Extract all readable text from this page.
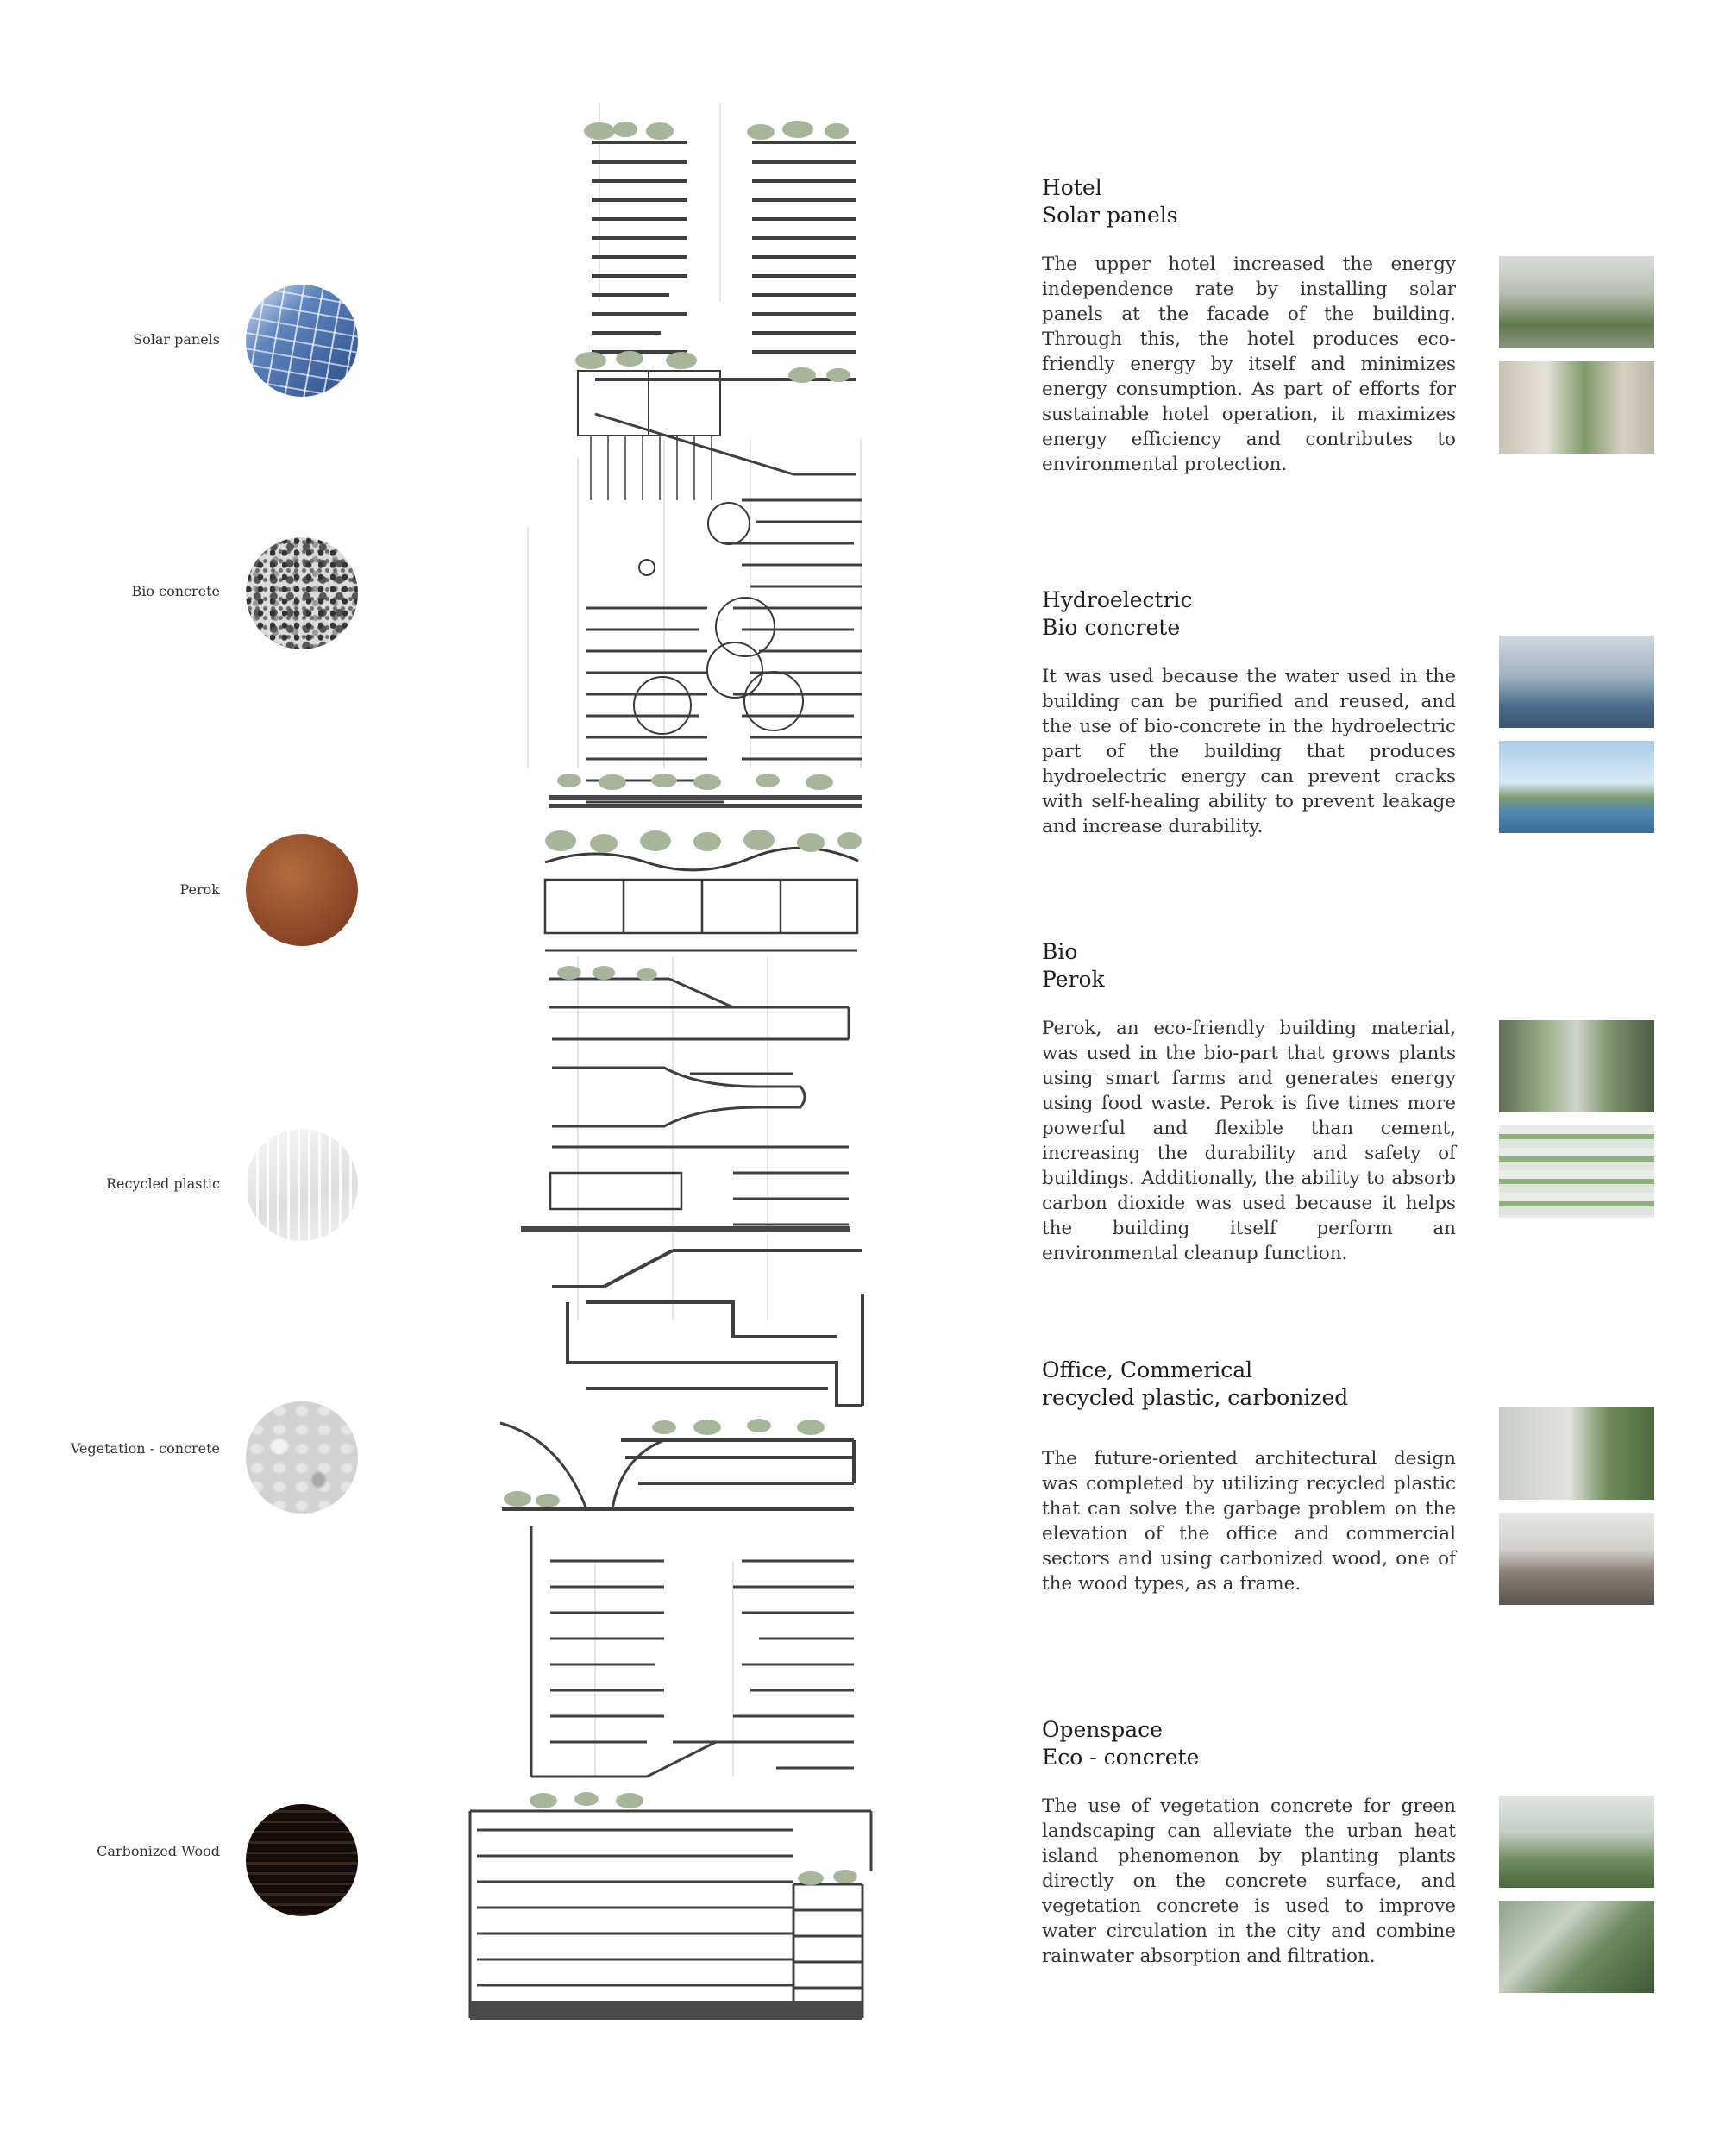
Solar panels
Bio concrete
Perok
Recycled plastic
Vegetation - concrete
Carbonized Wood
Hotel
Solar panels
The upper hotel increased the energy independence rate by installing solar panels at the facade of the building. Through this, the hotel produces eco-friendly energy by itself and minimizes energy consumption. As part of efforts for sustainable hotel operation, it maximizes energy efficiency and contributes to environmental protection.
Hydroelectric
Bio concrete
It was used because the water used in the building can be purified and reused, and the use of bio-concrete in the hydroelectric part of the building that produces hydroelectric energy can prevent cracks with self-healing ability to prevent leakage and increase durability.
Bio
Perok
Perok, an eco-friendly building material, was used in the bio-part that grows plants using smart farms and generates energy using food waste. Perok is five times more powerful and flexible than cement, increasing the durability and safety of buildings. Additionally, the ability to absorb carbon dioxide was used because it helps the building itself perform an environmental cleanup function.
Office, Commerical
recycled plastic, carbonized
The future-oriented architectural design was completed by utilizing recycled plastic that can solve the garbage problem on the elevation of the office and commercial sectors and using carbonized wood, one of the wood types, as a frame.
Openspace
Eco - concrete
The use of vegetation concrete for green landscaping can alleviate the urban heat island phenomenon by planting plants directly on the concrete surface, and vegetation concrete is used to improve water circulation in the city and combine rainwater absorption and filtration.
